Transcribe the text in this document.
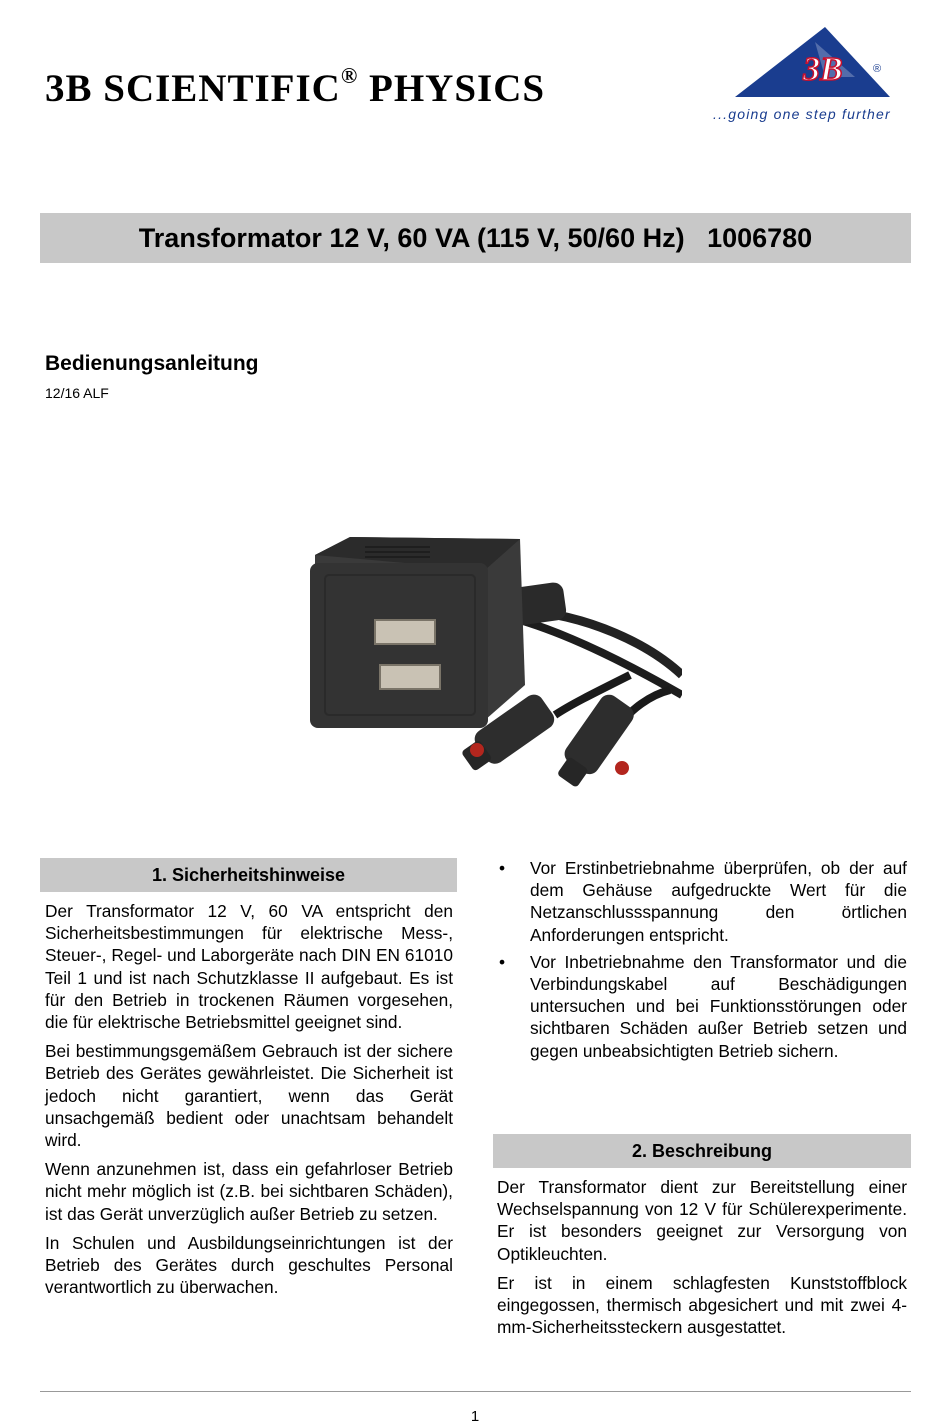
3B SCIENTIFIC® PHYSICS	3B	®
...going one step further
Transformator 12 V, 60 VA (115 V, 50/60 Hz)   1006780
Bedienungsanleitung
12/16 ALF
1. Sicherheitshinweise

Der Transformator 12 V, 60 VA entspricht den Sicherheitsbestimmungen für elektrische Mess-, Steuer-, Regel- und Laborgeräte nach DIN EN 61010 Teil 1 und ist nach Schutzklasse II aufgebaut. Es ist für den Betrieb in trockenen Räumen vorgesehen, die für elektrische Betriebsmittel geeignet sind.

Bei bestimmungsgemäßem Gebrauch ist der sichere Betrieb des Gerätes gewährleistet. Die Sicherheit ist jedoch nicht garantiert, wenn das Gerät unsachgemäß bedient oder unachtsam behandelt wird.

Wenn anzunehmen ist, dass ein gefahrloser Betrieb nicht mehr möglich ist (z.B. bei sichtbaren Schäden), ist das Gerät unverzüglich außer Betrieb zu setzen.

In Schulen und Ausbildungseinrichtungen ist der Betrieb des Gerätes durch geschultes Personal verantwortlich zu überwachen.

• Vor Erstinbetriebnahme überprüfen, ob der auf dem Gehäuse aufgedruckte Wert für die Netzanschlussspannung den örtlichen Anforderungen entspricht.
• Vor Inbetriebnahme den Transformator und die Verbindungskabel auf Beschädigungen untersuchen und bei Funktionsstörungen oder sichtbaren Schäden außer Betrieb setzen und gegen unbeabsichtigten Betrieb sichern.
2. Beschreibung

Der Transformator dient zur Bereitstellung einer Wechselspannung von 12 V für Schülerexperimente. Er ist besonders geeignet zur Versorgung von Optikleuchten.

Er ist in einem schlagfesten Kunststoffblock eingegossen, thermisch abgesichert und mit zwei 4-mm-Sicherheitssteckern ausgestattet.

1
